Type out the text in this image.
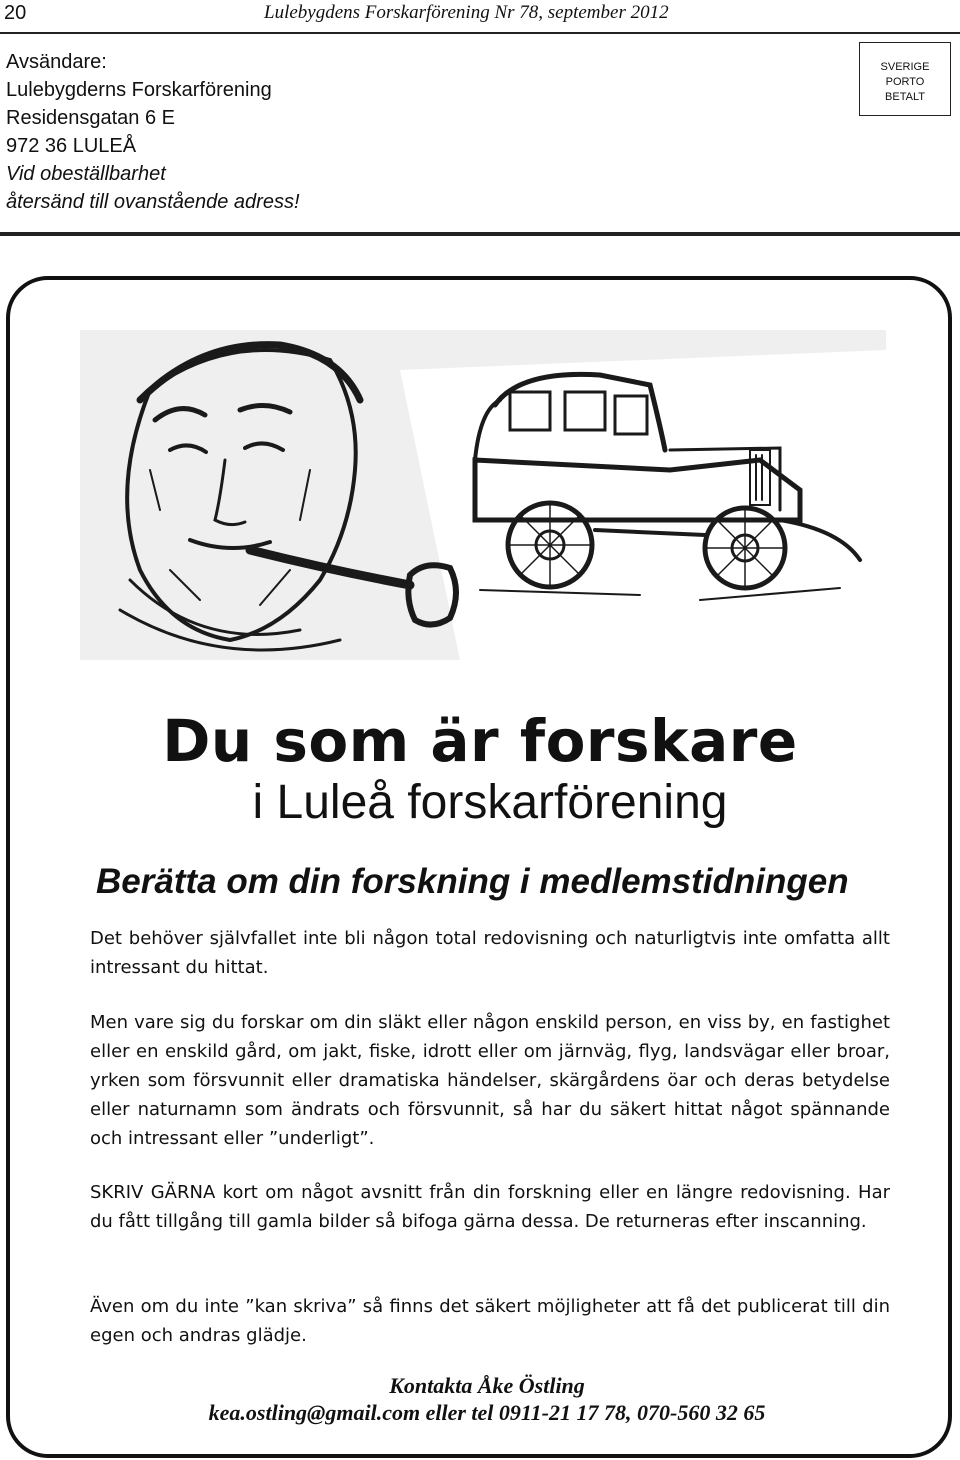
20	Lulebygdens Forskarförening Nr 78, september 2012
Avsändare:
Lulebygderns Forskarförening
Residensgatan 6 E
972 36 LULEÅ
Vid obeställbarhet
återsänd till ovanstående adress!
SVERIGE
PORTO
BETALT
Du som är forskare
i Luleå forskarförening
Berätta om din forskning i medlemstidningen
Det behöver självfallet inte bli någon total redovisning och naturligtvis inte omfatta allt intressant du hittat.
Men vare sig du forskar om din släkt eller någon enskild person, en viss by, en fastighet eller en enskild gård, om jakt, fiske, idrott eller om järnväg, flyg, landsvägar eller broar, yrken som försvunnit eller dramatiska händelser, skärgårdens öar och deras betydelse eller naturnamn som ändrats och försvunnit, så har du säkert hittat något spännande och intressant eller ”underligt”.
SKRIV GÄRNA kort om något avsnitt från din forskning eller en längre redovisning. Har du fått tillgång till gamla bilder så bifoga gärna dessa. De returneras efter inscanning.
Även om du inte ”kan skriva” så finns det säkert möjligheter att få det publicerat till din egen och andras glädje.
Kontakta Åke Östling
kea.ostling@gmail.com eller tel 0911-21 17 78, 070-560 32 65
